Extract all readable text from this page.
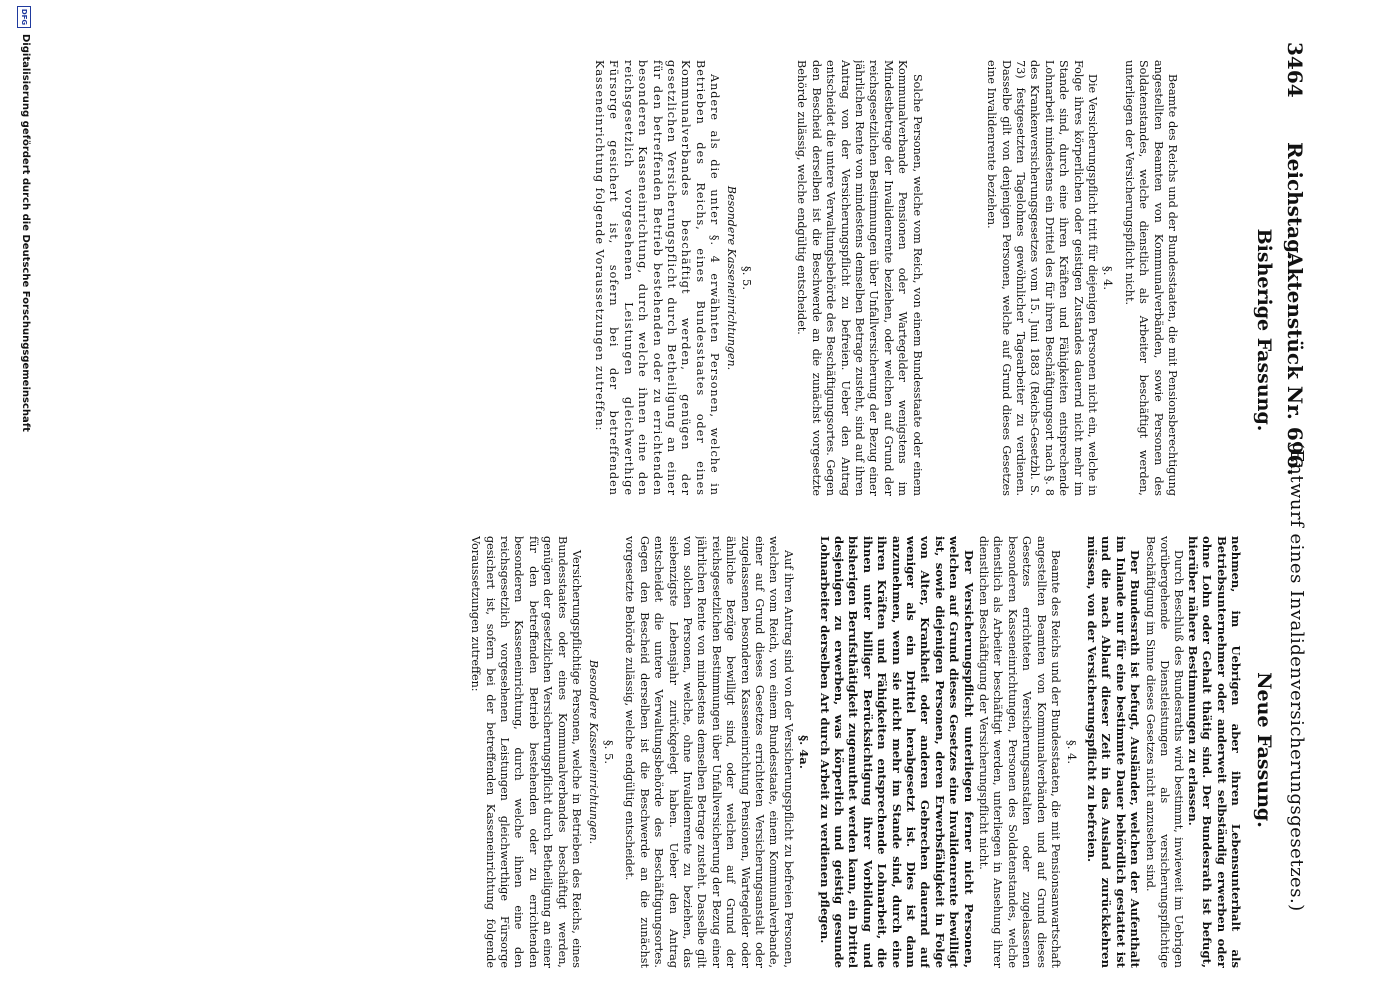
3464
Reichstag.
Aktenstück Nr. 696.
(Entwurf eines Invalidenversicherungsgesetzes.)
Bisherige Fassung.
Neue Fassung.

Beamte des Reichs und der Bundesstaaten, die mit Pensionsberechtigung angestellten Beamten von Kommunalverbänden, sowie Personen des Soldatenstandes, welche dienstlich als Arbeiter beschäftigt werden, unterliegen der Versicherungspflicht nicht.

§. 4.

Die Versicherungspflicht tritt für diejenigen Personen nicht ein, welche in Folge ihres körperlichen oder geistigen Zustandes dauernd nicht mehr im Stande sind, durch eine ihren Kräften und Fähigkeiten entsprechende Lohnarbeit mindestens ein Drittel des für ihren Beschäftigungsort nach §. 8 des Krankenversicherungsgesetzes vom 15. Juni 1883 (Reichs-Gesetzbl. S. 73) festgesetzten Tagelohnes gewöhnlicher Tagearbeiter zu verdienen. Dasselbe gilt von denjenigen Personen, welche auf Grund dieses Gesetzes eine Invalidenrente beziehen.

Solche Personen, welche vom Reich, von einem Bundesstaate oder einem Kommunalverbande Pensionen oder Wartegelder wenigstens im Mindestbetrage der Invalidenrente beziehen, oder welchen auf Grund der reichsgesetzlichen Bestimmungen über Unfallversicherung der Bezug einer jährlichen Rente von mindestens demselben Betrage zusteht, sind auf ihren Antrag von der Versicherungspflicht zu befreien. Ueber den Antrag entscheidet die untere Verwaltungsbehörde des Beschäftigungsortes. Gegen den Bescheid derselben ist die Beschwerde an die zunächst vorgesetzte Behörde zulässig, welche endgültig entscheidet.

§. 5.
Besondere Kasseneinrichtungen.

Andere als die unter §. 4 erwähnten Personen, welche in Betrieben des Reichs, eines Bundesstaates oder eines Kommunalverbandes beschäftigt werden, genügen der gesetzlichen Versicherungspflicht durch Betheiligung an einer für den betreffenden Betrieb bestehenden oder zu errichtenden besonderen Kasseneinrichtung, durch welche ihnen eine den reichsgesetzlich vorgesehenen Leistungen gleichwerthige Fürsorge gesichert ist, sofern bei der betreffenden Kasseneinrichtung folgende Voraussetzungen zutreffen:

nehmen, im Uebrigen aber ihren Lebensunterhalt als Betriebsunternehmer oder anderweit selbständig erwerben oder ohne Lohn oder Gehalt thätig sind. Der Bundesrath ist befugt, hierüber nähere Bestimmungen zu erlassen.

Durch Beschluß des Bundesraths wird bestimmt, inwieweit im Uebrigen vorübergehende Dienstleistungen als versicherungspflichtige Beschäftigung im Sinne dieses Gesetzes nicht anzusehen sind.

Der Bundesrath ist befugt, Ausländer, welchen der Aufenthalt im Inlande nur für eine bestimmte Dauer behördlich gestattet ist und die nach Ablauf dieser Zeit in das Ausland zurückkehren müssen, von der Versicherungspflicht zu befreien.

§. 4.

Beamte des Reichs und der Bundesstaaten, die mit Pensionsanwartschaft angestellten Beamten von Kommunalverbänden und auf Grund dieses Gesetzes errichteten Versicherungsanstalten oder zugelassenen besonderen Kasseneinrichtungen, Personen des Soldatenstandes, welche dienstlich als Arbeiter beschäftigt werden, unterliegen in Ansehung ihrer dienstlichen Beschäftigung der Versicherungspflicht nicht.

Der Versicherungspflicht unterliegen ferner nicht Personen, welchen auf Grund dieses Gesetzes eine Invalidenrente bewilligt ist, sowie diejenigen Personen, deren Erwerbsfähigkeit in Folge von Alter, Krankheit oder anderen Gebrechen dauernd auf weniger als ein Drittel herabgesetzt ist. Dies ist dann anzunehmen, wenn sie nicht mehr im Stande sind, durch eine ihren Kräften und Fähigkeiten entsprechende Lohnarbeit, die ihnen unter billiger Berücksichtigung ihrer Vorbildung und bisherigen Berufsthätigkeit zugemuthet werden kann, ein Drittel desjenigen zu erwerben, was körperlich und geistig gesunde Lohnarbeiter derselben Art durch Arbeit zu verdienen pflegen.

§. 4a.

Auf ihren Antrag sind von der Versicherungspflicht zu befreien Personen, welchen vom Reich, von einem Bundesstaate, einem Kommunalverbande, einer auf Grund dieses Gesetzes errichteten Versicherungsanstalt oder zugelassenen besonderen Kasseneinrichtung Pensionen, Wartegelder oder ähnliche Bezüge bewilligt sind, oder welchen auf Grund der reichsgesetzlichen Bestimmungen über Unfallversicherung der Bezug einer jährlichen Rente von mindestens demselben Betrage zusteht. Dasselbe gilt von solchen Personen, welche, ohne Invalidenrente zu beziehen, das siebenzigste Lebensjahr zurückgelegt haben. Ueber den Antrag entscheidet die untere Verwaltungsbehörde des Beschäftigungsortes. Gegen den Bescheid derselben ist die Beschwerde an die zunächst vorgesetzte Behörde zulässig, welche endgültig entscheidet.

§. 5.
Besondere Kasseneinrichtungen.

Versicherungspflichtige Personen, welche in Betrieben des Reichs, eines Bundesstaates oder eines Kommunalverbandes beschäftigt werden, genügen der gesetzlichen Versicherungspflicht durch Betheiligung an einer für den betreffenden Betrieb bestehenden oder zu errichtenden besonderen Kasseneinrichtung, durch welche ihnen eine den reichsgesetzlich vorgesehenen Leistungen gleichwerthige Fürsorge gesichert ist, sofern bei der betreffenden Kasseneinrichtung folgende Voraussetzungen zutreffen:

DFG
Digitalisierung gefördert durch die Deutsche Forschungsgemeinschaft
